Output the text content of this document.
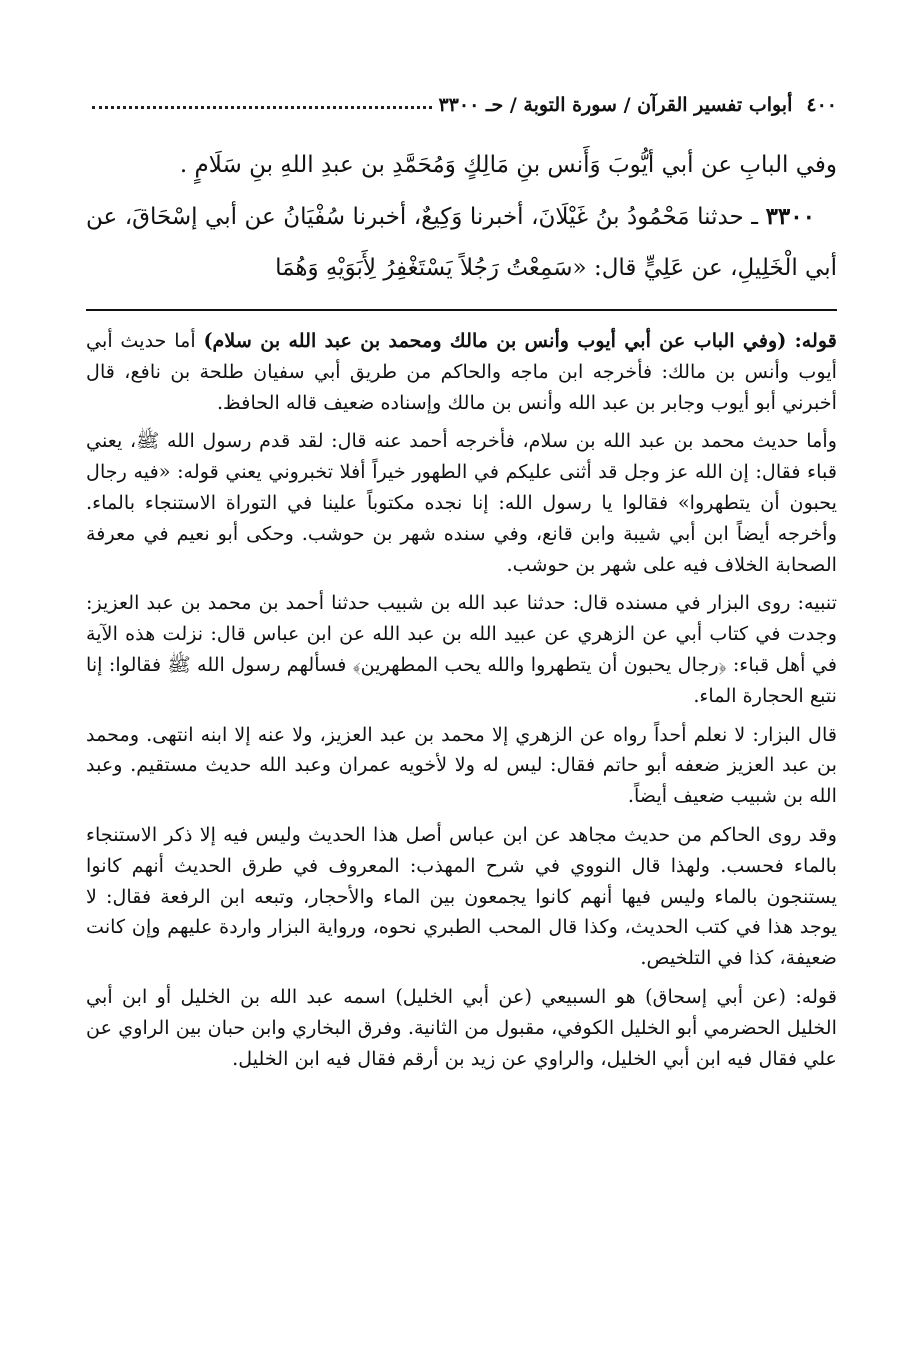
٤٠٠
أبواب تفسير القرآن / سورة التوبة / حـ ٣٣٠٠

وفي البابِ عن أبي أيُّوبَ وَأَنس بنِ مَالِكٍ وَمُحَمَّدِ بن عبدِ اللهِ بنِ سَلَامٍ .

٣٣٠٠ ـ حدثنا مَحْمُودُ بنُ غَيْلَانَ، أخبرنا وَكِيعٌ، أخبرنا سُفْيَانُ عن أبي إسْحَاقَ، عن أبي الْخَلِيلِ، عن عَلِيٍّ قال: «سَمِعْتُ رَجُلاً يَسْتَغْفِرُ لِأَبَوَيْهِ وَهُمَا

قوله: (وفي الباب عن أبي أيوب وأنس بن مالك ومحمد بن عبد الله بن سلام) أما حديث أبي أيوب وأنس بن مالك: فأخرجه ابن ماجه والحاكم من طريق أبي سفيان طلحة بن نافع، قال أخبرني أبو أيوب وجابر بن عبد الله وأنس بن مالك وإسناده ضعيف قاله الحافظ.

وأما حديث محمد بن عبد الله بن سلام، فأخرجه أحمد عنه قال: لقد قدم رسول الله ﷺ، يعني قباء فقال: إن الله عز وجل قد أثنى عليكم في الطهور خيراً أفلا تخبروني يعني قوله: «فيه رجال يحبون أن يتطهروا» فقالوا يا رسول الله: إنا نجده مكتوباً علينا في التوراة الاستنجاء بالماء. وأخرجه أيضاً ابن أبي شيبة وابن قانع، وفي سنده شهر بن حوشب. وحكى أبو نعيم في معرفة الصحابة الخلاف فيه على شهر بن حوشب.

تنبيه: روى البزار في مسنده قال: حدثنا عبد الله بن شبيب حدثنا أحمد بن محمد بن عبد العزيز: وجدت في كتاب أبي عن الزهري عن عبيد الله بن عبد الله عن ابن عباس قال: نزلت هذه الآية في أهل قباء: ﴿رجال يحبون أن يتطهروا والله يحب المطهرين﴾ فسألهم رسول الله ﷺ فقالوا: إنا نتبع الحجارة الماء.

قال البزار: لا نعلم أحداً رواه عن الزهري إلا محمد بن عبد العزيز، ولا عنه إلا ابنه انتهى. ومحمد بن عبد العزيز ضعفه أبو حاتم فقال: ليس له ولا لأخويه عمران وعبد الله حديث مستقيم. وعبد الله بن شبيب ضعيف أيضاً.

وقد روى الحاكم من حديث مجاهد عن ابن عباس أصل هذا الحديث وليس فيه إلا ذكر الاستنجاء بالماء فحسب. ولهذا قال النووي في شرح المهذب: المعروف في طرق الحديث أنهم كانوا يستنجون بالماء وليس فيها أنهم كانوا يجمعون بين الماء والأحجار، وتبعه ابن الرفعة فقال: لا يوجد هذا في كتب الحديث، وكذا قال المحب الطبري نحوه، ورواية البزار واردة عليهم وإن كانت ضعيفة، كذا في التلخيص.

قوله: (عن أبي إسحاق) هو السبيعي (عن أبي الخليل) اسمه عبد الله بن الخليل أو ابن أبي الخليل الحضرمي أبو الخليل الكوفي، مقبول من الثانية. وفرق البخاري وابن حبان بين الراوي عن علي فقال فيه ابن أبي الخليل، والراوي عن زيد بن أرقم فقال فيه ابن الخليل.
